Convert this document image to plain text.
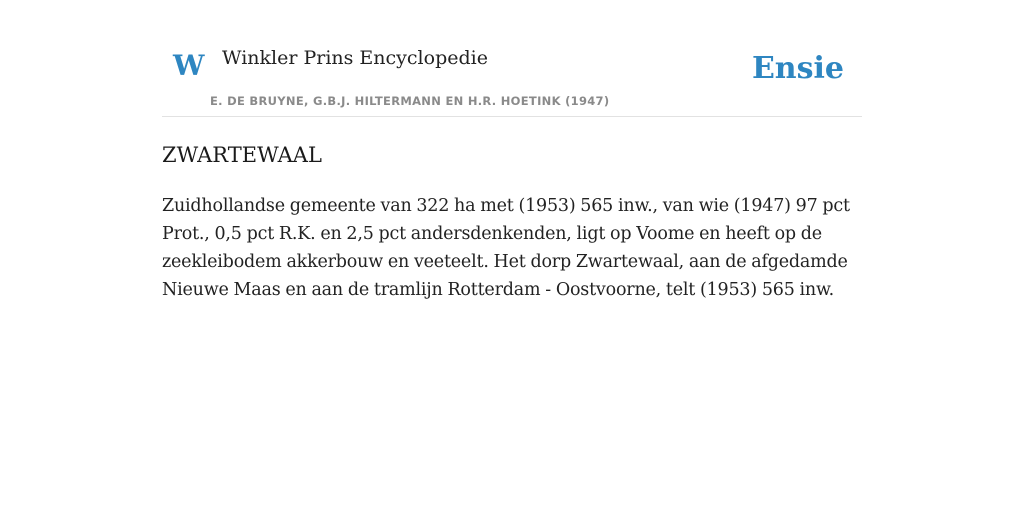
W Winkler Prins Encyclopedie
E. DE BRUYNE, G.B.J. HILTERMANN EN H.R. HOETINK (1947)
Ensie
ZWARTEWAAL

Zuidhollandse gemeente van 322 ha met (1953) 565 inw., van wie (1947) 97 pct Prot., 0,5 pct R.K. en 2,5 pct andersdenkenden, ligt op Voome en heeft op de zeekleibodem akkerbouw en veeteelt. Het dorp Zwartewaal, aan de afgedamde Nieuwe Maas en aan de tramlijn Rotterdam - Oostvoorne, telt (1953) 565 inw.
